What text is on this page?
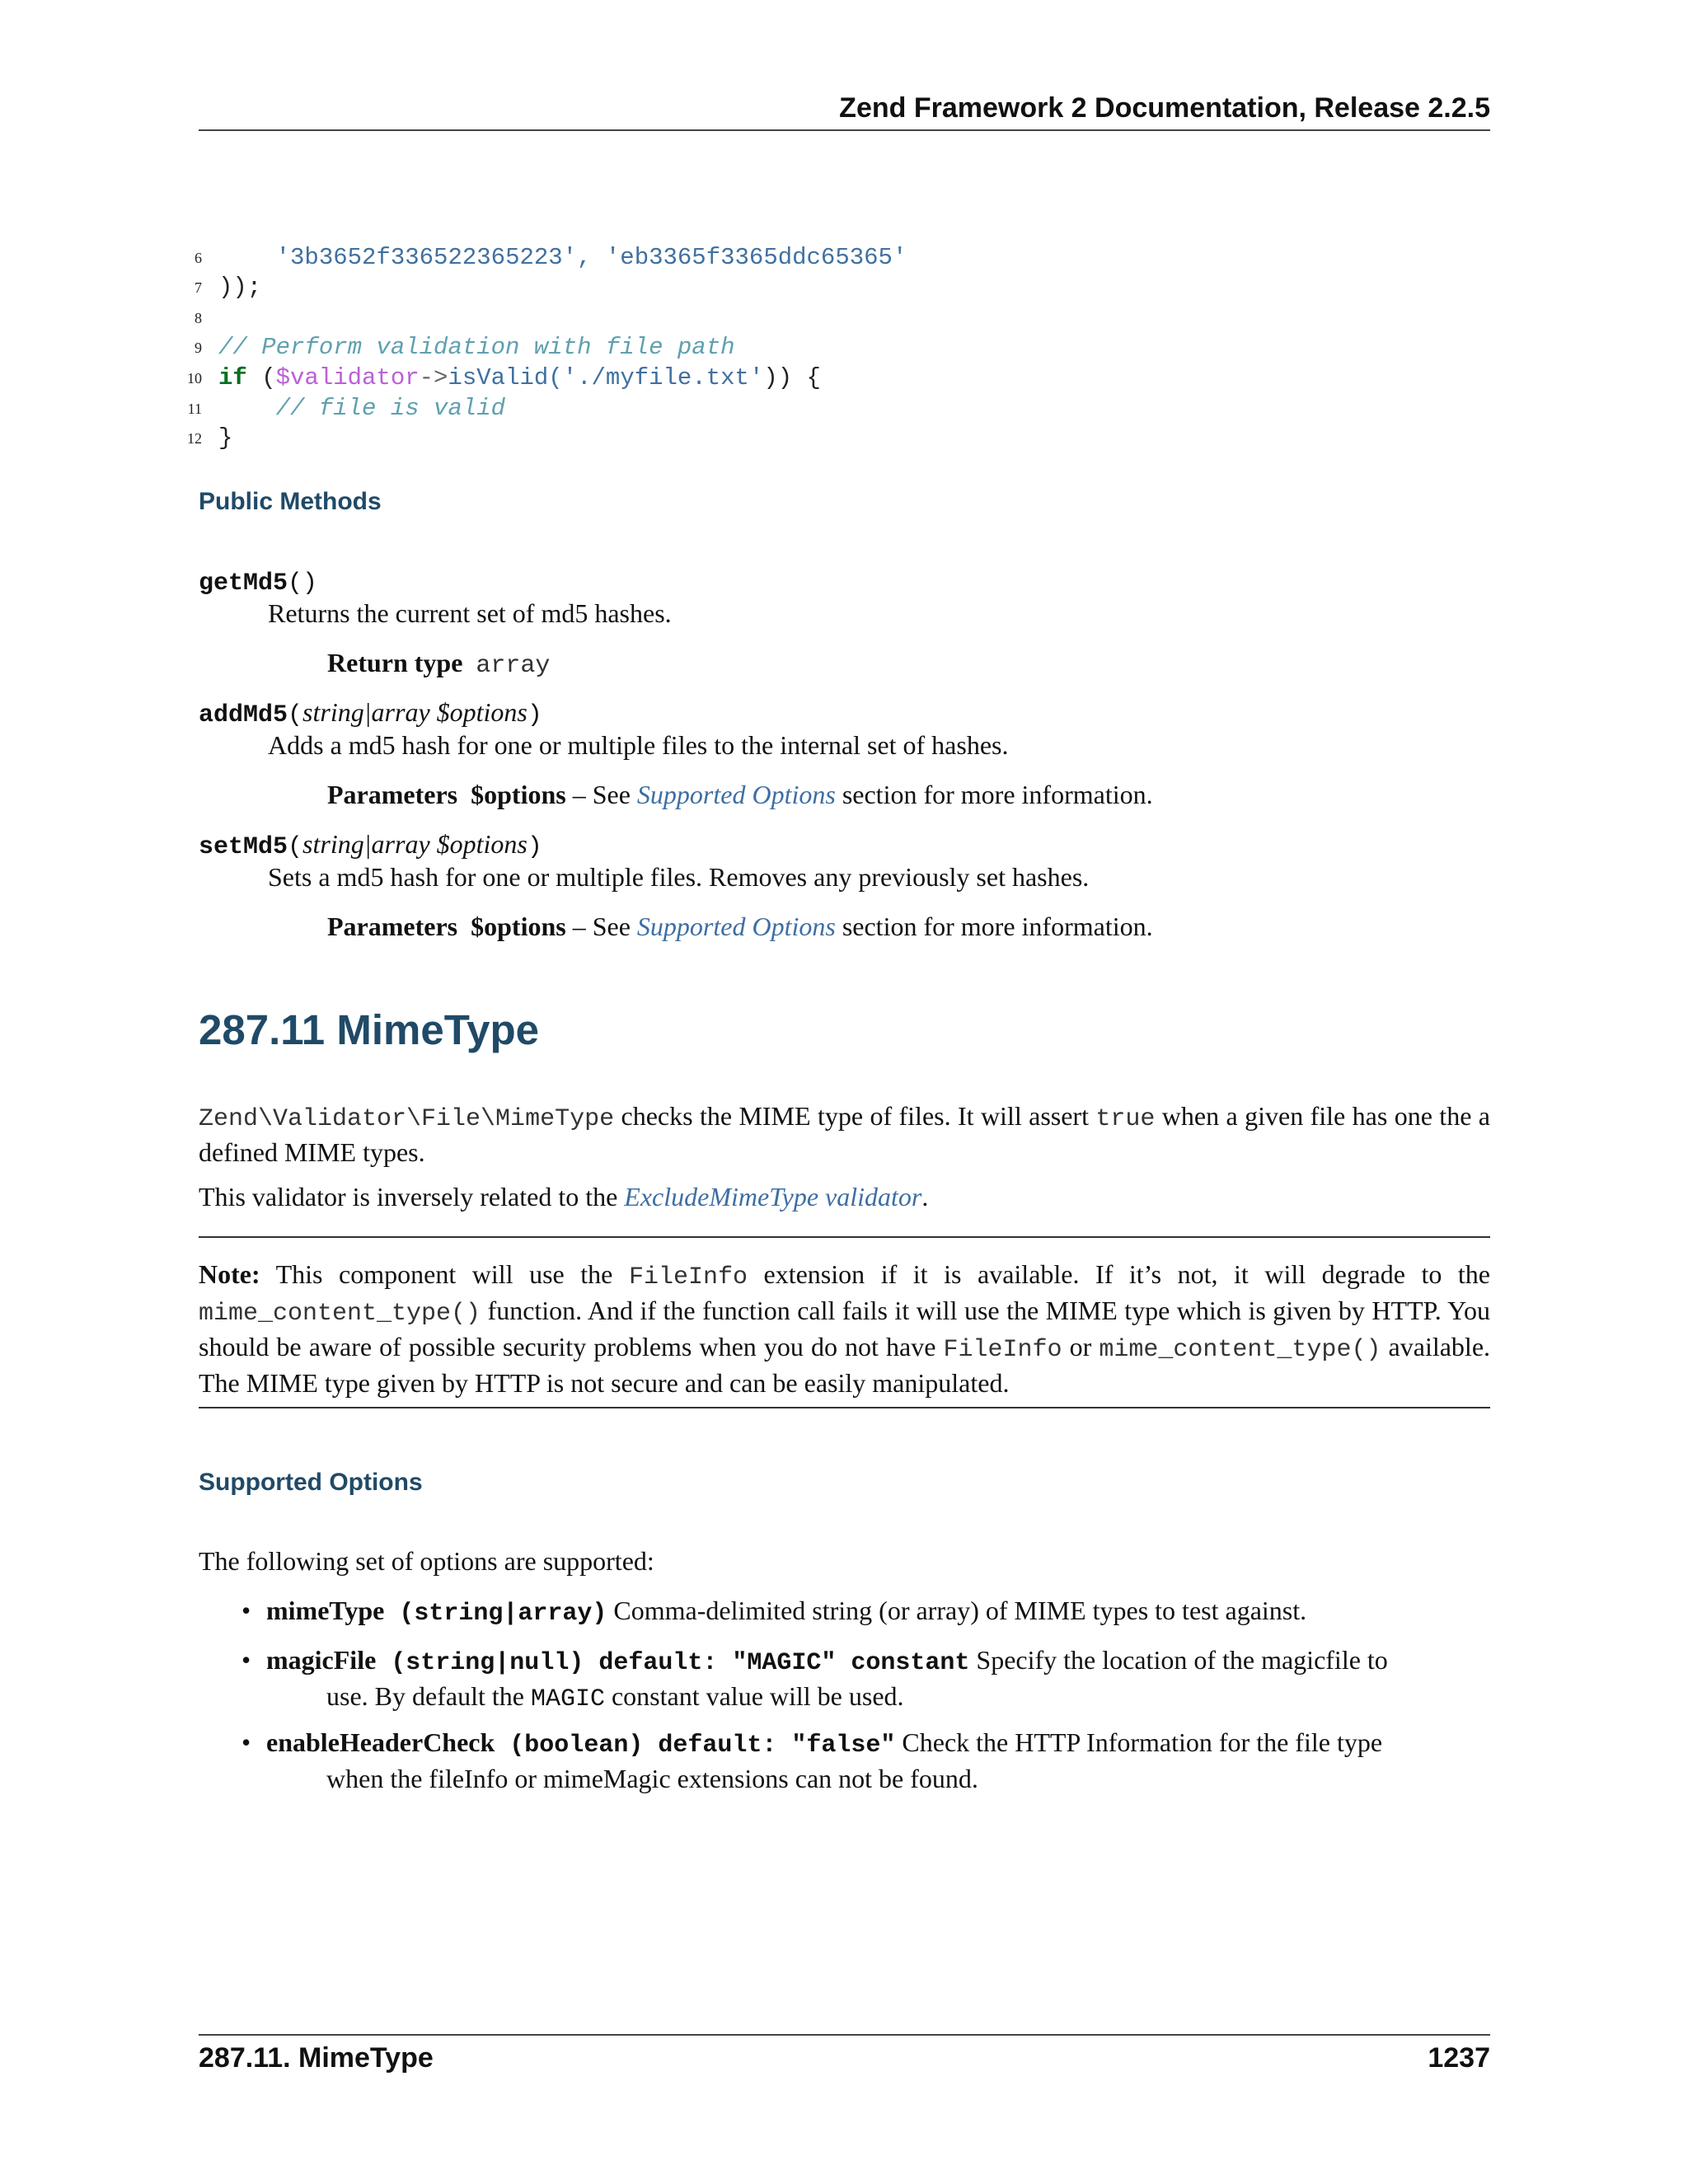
Zend Framework 2 Documentation, Release 2.2.5

6	'3b3652f336522365223', 'eb3365f3365ddc65365'

7 ));

8

9 // Perform validation with file path

10 if ($validator->isValid('./myfile.txt')) {

11	// file is valid

12 }

Public Methods
getMd5()
Returns the current set of md5 hashes.
Return type array
addMd5(string|array $options)
Adds a md5 hash for one or multiple files to the internal set of hashes.
Parameters $options – See Supported Options section for more information.
setMd5(string|array $options)
Sets a md5 hash for one or multiple files. Removes any previously set hashes.
Parameters $options – See Supported Options section for more information.
287.11 MimeType
Zend\Validator\File\MimeType checks the MIME type of files. It will assert true when a given file has one the a defined MIME types.
This validator is inversely related to the ExcludeMimeType validator.
Note: This component will use the FileInfo extension if it is available. If it’s not, it will degrade to the mime_content_type() function. And if the function call fails it will use the MIME type which is given by HTTP. You should be aware of possible security problems when you do not have FileInfo or mime_content_type() available. The MIME type given by HTTP is not secure and can be easily manipulated.
Supported Options
The following set of options are supported:
• mimeType (string|array) Comma-delimited string (or array) of MIME types to test against.
• magicFile (string|null) default: "MAGIC" constant Specify the location of the magicfile to
use. By default the MAGIC constant value will be used.
• enableHeaderCheck (boolean) default: "false" Check the HTTP Information for the file type
when the fileInfo or mimeMagic extensions can not be found.
287.11. MimeType	1237
